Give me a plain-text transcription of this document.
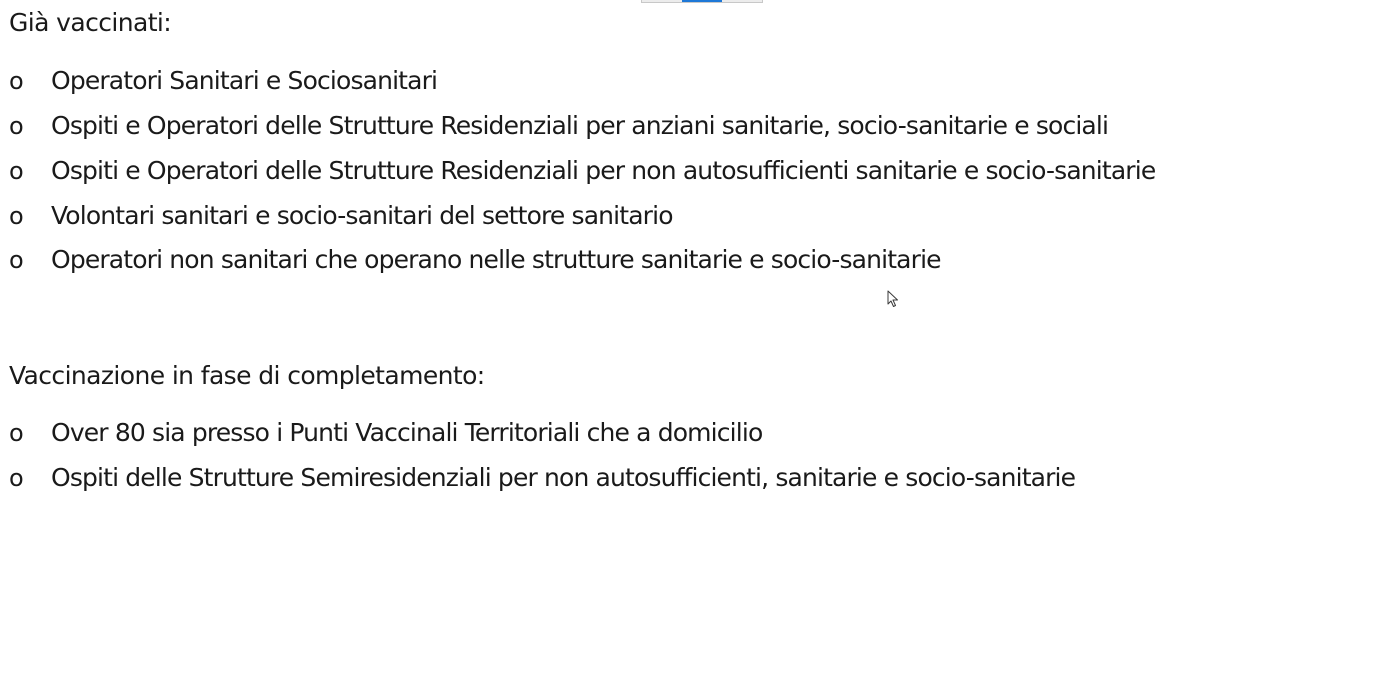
Già vaccinati:
o	Operatori Sanitari e Sociosanitari
o	Ospiti e Operatori delle Strutture Residenziali per anziani sanitarie, socio-sanitarie e sociali
o	Ospiti e Operatori delle Strutture Residenziali per non autosufficienti sanitarie e socio-sanitarie
o	Volontari sanitari e socio-sanitari del settore sanitario
o	Operatori non sanitari che operano nelle strutture sanitarie e socio-sanitarie
Vaccinazione in fase di completamento:
o	Over 80 sia presso i Punti Vaccinali Territoriali che a domicilio
o	Ospiti delle Strutture Semiresidenziali per non autosufficienti, sanitarie e socio-sanitarie
